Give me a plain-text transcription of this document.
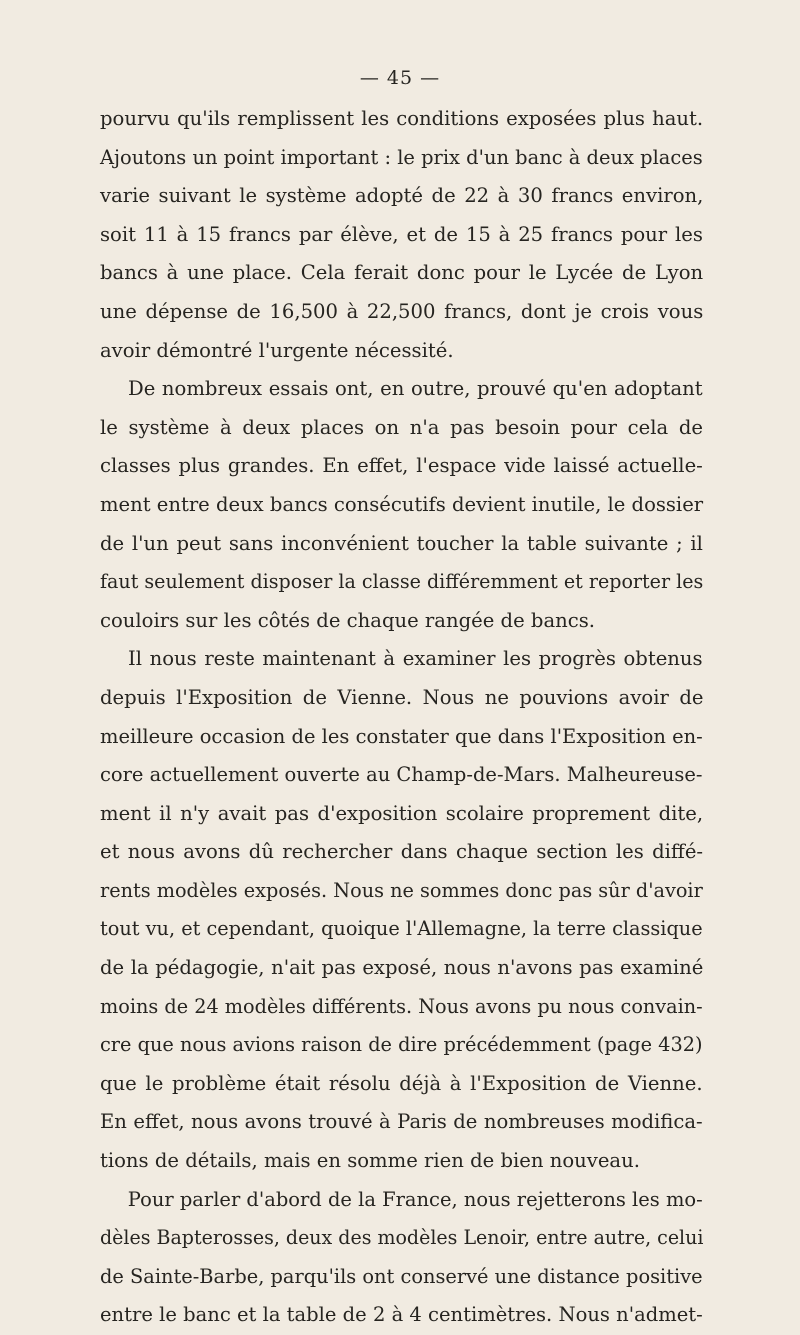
— 45 —
pourvu qu'ils remplissent les conditions exposées plus haut.
Ajoutons un point important : le prix d'un banc à deux places
varie suivant le système adopté de 22 à 30 francs environ,
soit 11 à 15 francs par élève, et de 15 à 25 francs pour les
bancs à une place. Cela ferait donc pour le Lycée de Lyon
une dépense de 16,500 à 22,500 francs, dont je crois vous
avoir démontré l'urgente nécessité.
De nombreux essais ont, en outre, prouvé qu'en adoptant
le système à deux places on n'a pas besoin pour cela de
classes plus grandes. En effet, l'espace vide laissé actuelle-
ment entre deux bancs consécutifs devient inutile, le dossier
de l'un peut sans inconvénient toucher la table suivante ; il
faut seulement disposer la classe différemment et reporter les
couloirs sur les côtés de chaque rangée de bancs.
Il nous reste maintenant à examiner les progrès obtenus
depuis l'Exposition de Vienne. Nous ne pouvions avoir de
meilleure occasion de les constater que dans l'Exposition en-
core actuellement ouverte au Champ-de-Mars. Malheureuse-
ment il n'y avait pas d'exposition scolaire proprement dite,
et nous avons dû rechercher dans chaque section les diffé-
rents modèles exposés. Nous ne sommes donc pas sûr d'avoir
tout vu, et cependant, quoique l'Allemagne, la terre classique
de la pédagogie, n'ait pas exposé, nous n'avons pas examiné
moins de 24 modèles différents. Nous avons pu nous convain-
cre que nous avions raison de dire précédemment (page 432)
que le problème était résolu déjà à l'Exposition de Vienne.
En effet, nous avons trouvé à Paris de nombreuses modifica-
tions de détails, mais en somme rien de bien nouveau.
Pour parler d'abord de la France, nous rejetterons les mo-
dèles Bapterosses, deux des modèles Lenoir, entre autre, celui
de Sainte-Barbe, parqu'ils ont conservé une distance positive
entre le banc et la table de 2 à 4 centimètres. Nous n'admet-
